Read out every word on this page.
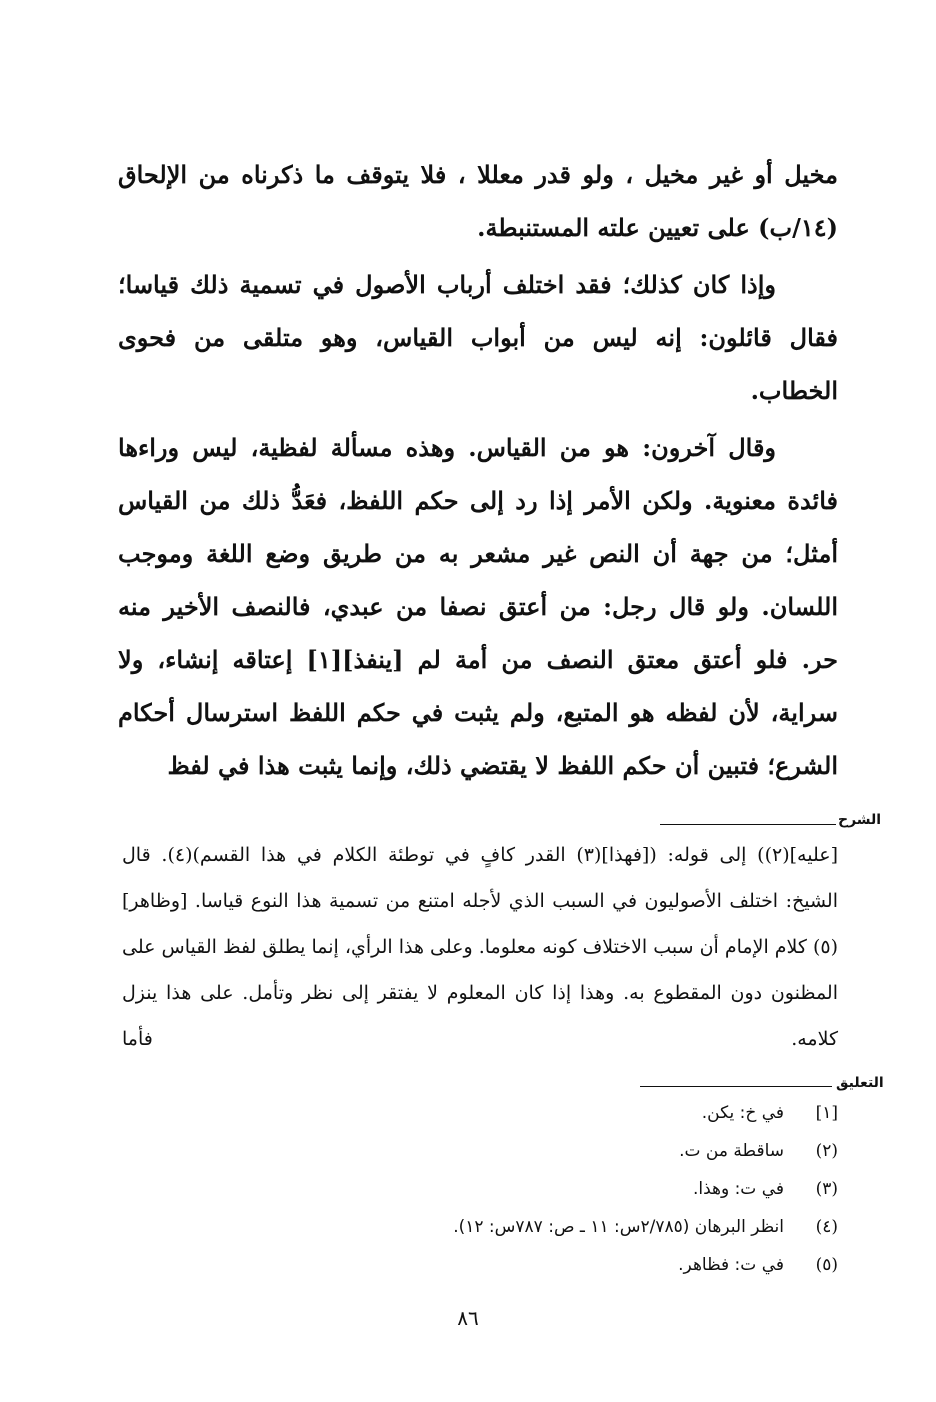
مخيل أو غير مخيل ، ولو قدر معللا ، فلا يتوقف ما ذكرناه من الإلحاق (١٤/ب) على تعيين علته المستنبطة.

وإذا كان كذلك؛ فقد اختلف أرباب الأصول في تسمية ذلك قياسا؛ فقال قائلون: إنه ليس من أبواب القياس، وهو متلقى من فحوى الخطاب.

وقال آخرون: هو من القياس. وهذه مسألة لفظية، ليس وراءها فائدة معنوية. ولكن الأمر إذا رد إلى حكم اللفظ، فعَدُّ ذلك من القياس أمثل؛ من جهة أن النص غير مشعر به من طريق وضع اللغة وموجب اللسان. ولو قال رجل: من أعتق نصفا من عبدي، فالنصف الأخير منه حر. فلو أعتق معتق النصف من أمة لم [ينفذ][١] إعتاقه إنشاء، ولا سراية، لأن لفظه هو المتبع، ولم يثبت في حكم اللفظ استرسال أحكام الشرع؛ فتبين أن حكم اللفظ لا يقتضي ذلك، وإنما يثبت هذا في لفظ

الشرح

[عليه](٢)) إلى قوله: ([فهذا](٣) القدر كافٍ في توطئة الكلام في هذا القسم)(٤). قال الشيخ: اختلف الأصوليون في السبب الذي لأجله امتنع من تسمية هذا النوع قياسا. [وظاهر](٥) كلام الإمام أن سبب الاختلاف كونه معلوما. وعلى هذا الرأي، إنما يطلق لفظ القياس على المظنون دون المقطوع به. وهذا إذا كان المعلوم لا يفتقر إلى نظر وتأمل. على هذا ينزل كلامه. فأما

التعليق
[١]
في خ: يكن.
(٢)
ساقطة من ت.
(٣)
في ت: وهذا.
(٤)
انظر البرهان (٢/٧٨٥س: ١١ ـ ص: ٧٨٧س: ١٢).
(٥)
في ت: فظاهر.
٨٦
